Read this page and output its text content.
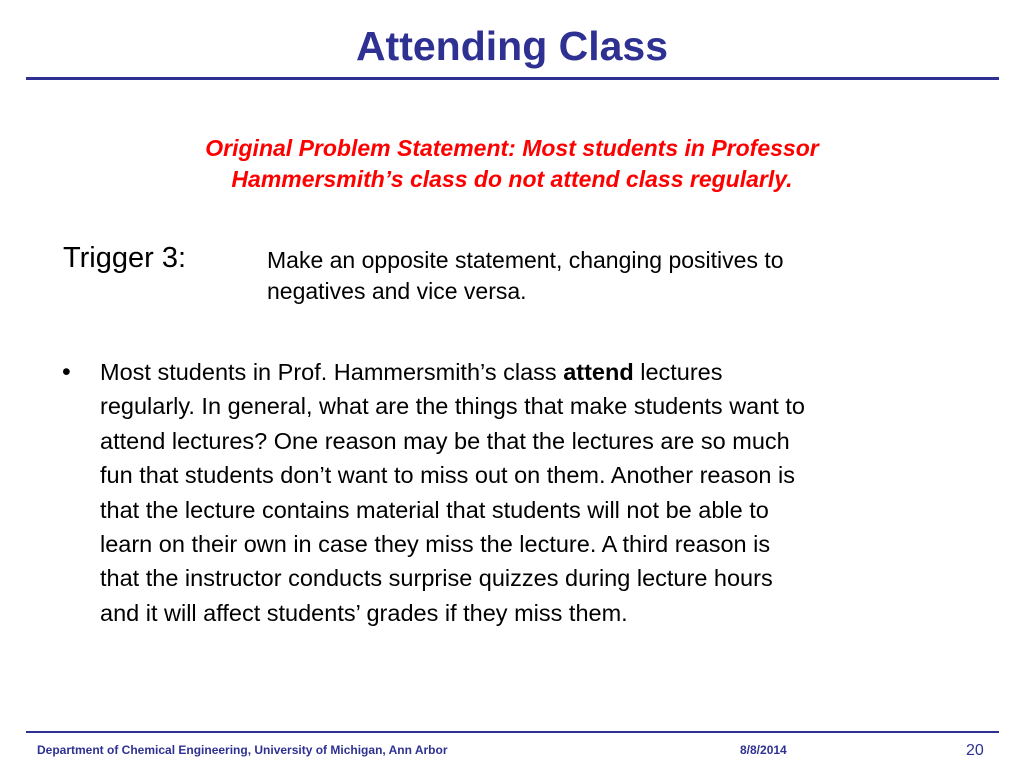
Attending Class
Original Problem Statement: Most students in Professor
Hammersmith’s class do not attend class regularly.
Trigger 3:	Make an opposite statement, changing positives to
negatives and vice versa.
• Most students in Prof. Hammersmith’s class attend lectures
regularly. In general, what are the things that make students want to
attend lectures? One reason may be that the lectures are so much
fun that students don’t want to miss out on them. Another reason is
that the lecture contains material that students will not be able to
learn on their own in case they miss the lecture. A third reason is
that the instructor conducts surprise quizzes during lecture hours
and it will affect students’ grades if they miss them.
Department of Chemical Engineering, University of Michigan, Ann Arbor	8/8/2014	20
